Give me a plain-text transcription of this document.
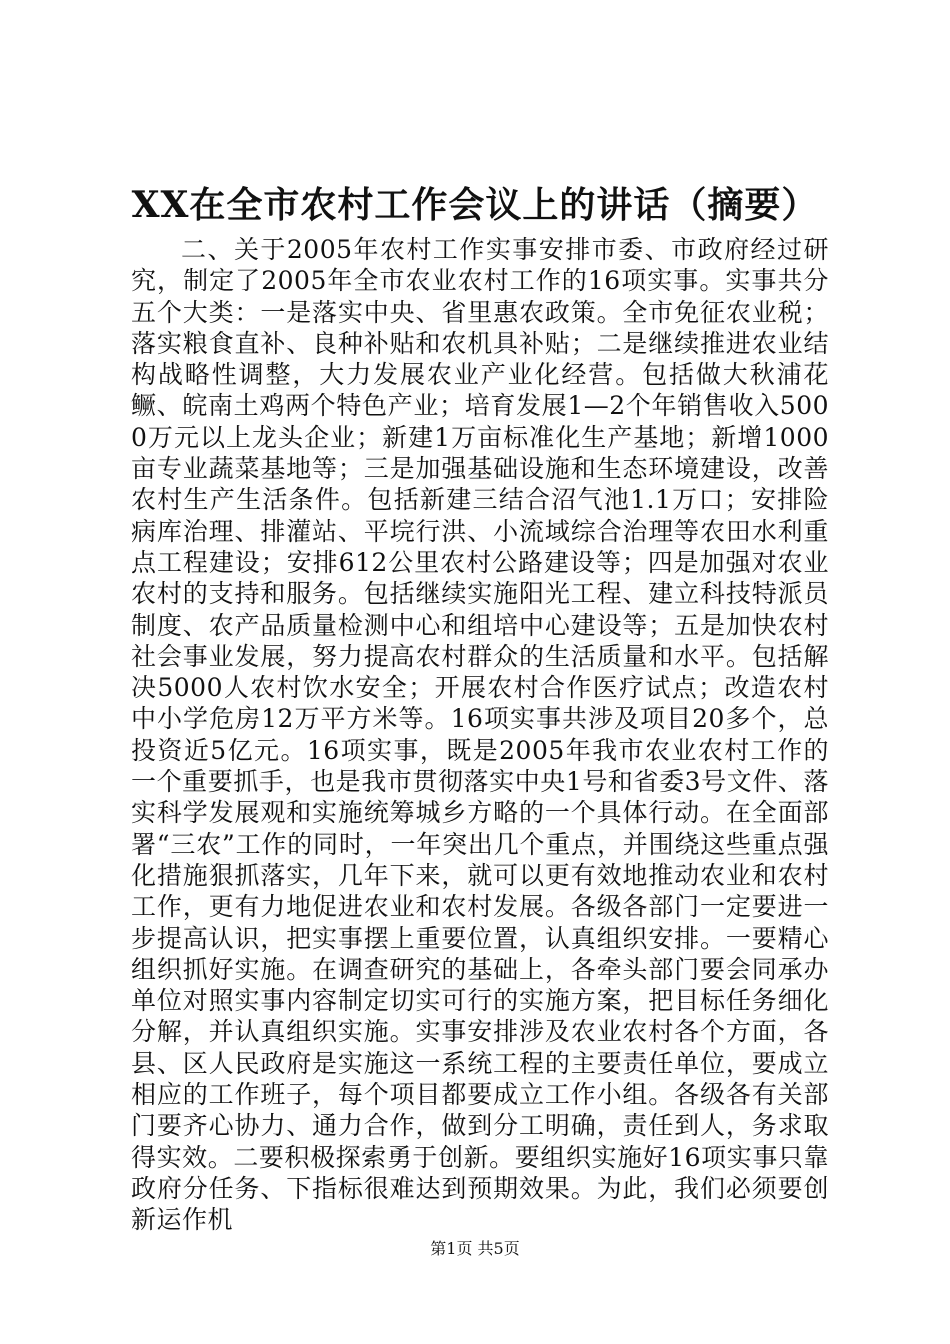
XX在全市农村工作会议上的讲话（摘要）

二、关于2005年农村工作实事安排市委、市政府经过研究，制定了2005年全市农业农村工作的16项实事。实事共分五个大类：一是落实中央、省里惠农政策。全市免征农业税；落实粮食直补、良种补贴和农机具补贴；二是继续推进农业结构战略性调整，大力发展农业产业化经营。包括做大秋浦花鳜、皖南土鸡两个特色产业；培育发展1—2个年销售收入5000万元以上龙头企业；新建1万亩标准化生产基地；新增1000亩专业蔬菜基地等；三是加强基础设施和生态环境建设，改善农村生产生活条件。包括新建三结合沼气池1.1万口；安排险病库治理、排灌站、平垸行洪、小流域综合治理等农田水利重点工程建设；安排612公里农村公路建设等；四是加强对农业农村的支持和服务。包括继续实施阳光工程、建立科技特派员制度、农产品质量检测中心和组培中心建设等；五是加快农村社会事业发展，努力提高农村群众的生活质量和水平。包括解决5000人农村饮水安全；开展农村合作医疗试点；改造农村中小学危房12万平方米等。16项实事共涉及项目20多个，总投资近5亿元。16项实事，既是2005年我市农业农村工作的一个重要抓手，也是我市贯彻落实中央1号和省委3号文件、落实科学发展观和实施统筹城乡方略的一个具体行动。在全面部署“三农”工作的同时，一年突出几个重点，并围绕这些重点强化措施狠抓落实，几年下来，就可以更有效地推动农业和农村工作，更有力地促进农业和农村发展。各级各部门一定要进一步提高认识，把实事摆上重要位置，认真组织安排。一要精心组织抓好实施。在调查研究的基础上，各牵头部门要会同承办单位对照实事内容制定切实可行的实施方案，把目标任务细化分解，并认真组织实施。实事安排涉及农业农村各个方面，各县、区人民政府是实施这一系统工程的主要责任单位，要成立相应的工作班子，每个项目都要成立工作小组。各级各有关部门要齐心协力、通力合作，做到分工明确，责任到人，务求取得实效。二要积极探索勇于创新。要组织实施好16项实事只靠政府分任务、下指标很难达到预期效果。为此，我们必须要创新运作机

第1页 共5页
